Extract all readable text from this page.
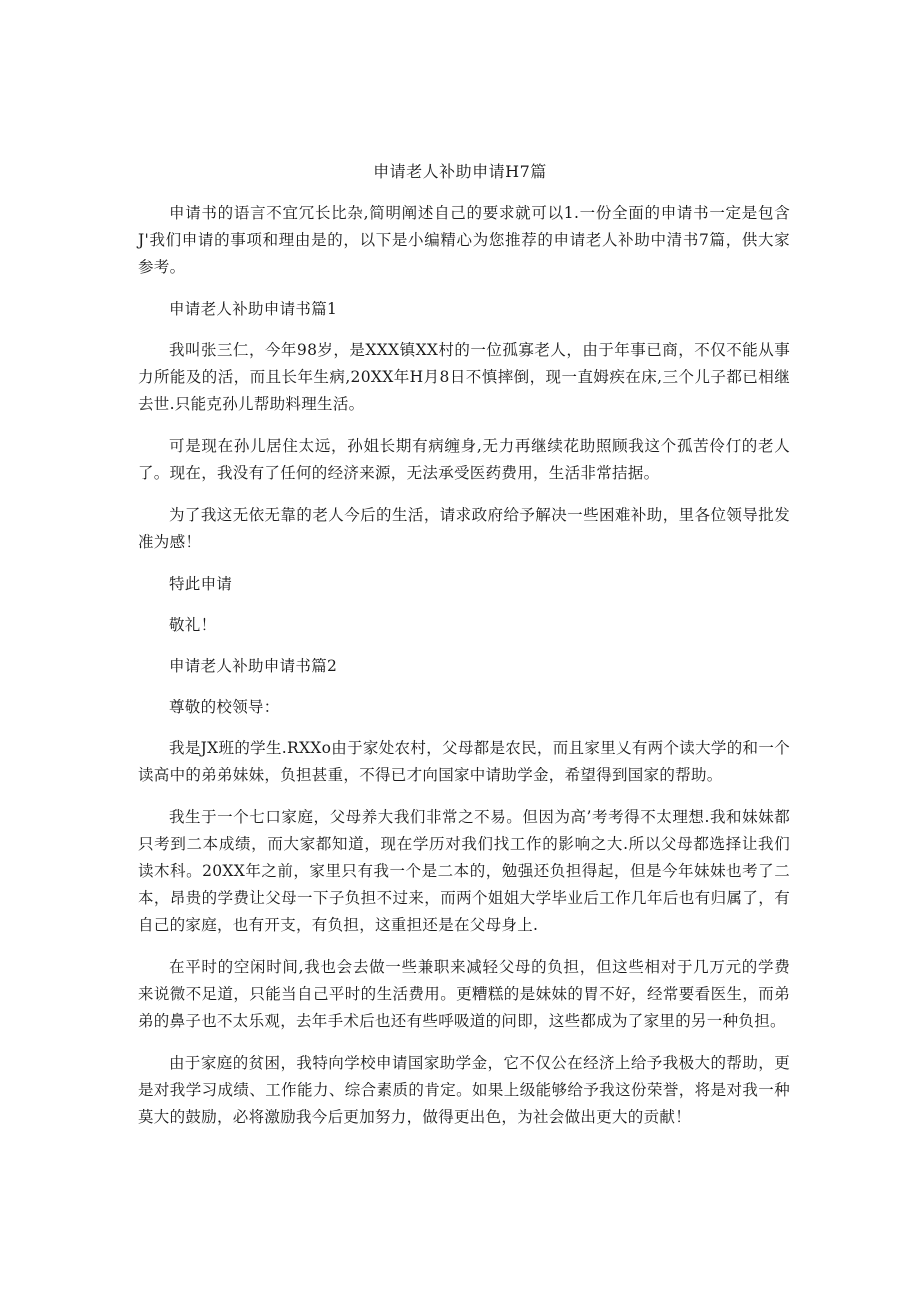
申请老人补助申请H7篇

申请书的语言不宜冗长比杂,简明阐述自己的要求就可以1.一份全面的申请书一定是包含J'我们申请的事项和理由是的，以下是小编精心为您推荐的申请老人补助中清书7篇，供大家参考。

申请老人补助申请书篇1

我叫张三仁，今年98岁，是XXX镇XX村的一位孤寡老人，由于年事已商，不仅不能从事力所能及的活，而且长年生病,20XX年H月8日不慎摔倒，现一直姆疾在床,三个儿子都已相继去世.只能克孙儿帮助料理生活。

可是现在孙儿居住太远，孙姐长期有病缠身,无力再继续花助照顾我这个孤苦伶仃的老人了。现在，我没有了任何的经济来源，无法承受医药费用，生活非常拮据。

为了我这无依无靠的老人今后的生活，请求政府给予解决一些困难补助，里各位领导批发准为感！

特此申请

敬礼！

申请老人补助申请书篇2

尊敬的校领导：

我是JX班的学生.RXXo由于家处农村，父母都是农民，而且家里乂有两个读大学的和一个读高中的弟弟妹妹，负担甚重，不得已才向国家中请助学金，希望得到国家的帮助。

我生于一个七口家庭，父母养大我们非常之不易。但因为高’考考得不太理想.我和妹妹都只考到二本成绩，而大家都知道，现在学历对我们找工作的影响之大.所以父母都选择让我们读木科。20XX年之前，家里只有我一个是二本的，勉强还负担得起，但是今年妹妹也考了二本，昂贵的学费让父母一下子负担不过来，而两个姐姐大学毕业后工作几年后也有归属了，有自己的家庭，也有开支，有负担，这重担还是在父母身上.

在平时的空闲时间,我也会去做一些兼职来减轻父母的负担，但这些相对于几万元的学费来说微不足道，只能当自己平时的生活费用。更糟糕的是妹妹的胃不好，经常要看医生，而弟弟的鼻子也不太乐观，去年手术后也还有些呼吸道的问即，这些都成为了家里的另一种负担。

由于家庭的贫困，我特向学校申请国家助学金，它不仅公在经济上给予我极大的帮助，更是对我学习成绩、工作能力、综合素质的肯定。如果上级能够给予我这份荣誉，将是对我一种莫大的鼓励，必将激励我今后更加努力，做得更出色，为社会做出更大的贡献！
